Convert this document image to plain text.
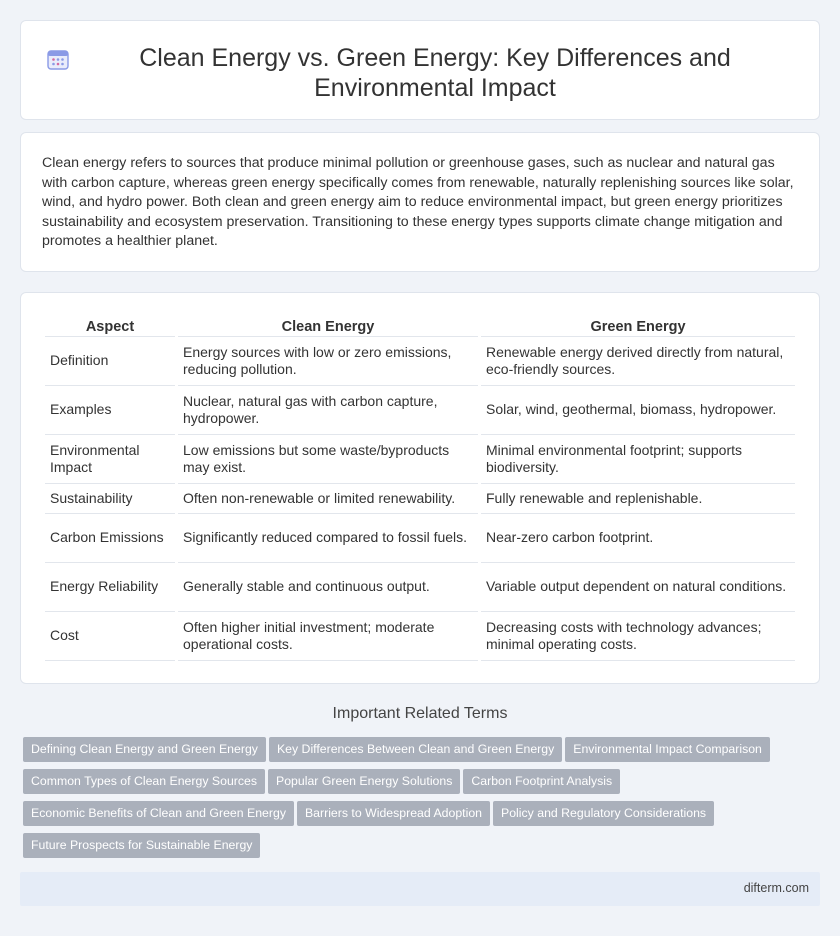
Clean Energy vs. Green Energy: Key Differences and Environmental Impact

Clean energy refers to sources that produce minimal pollution or greenhouse gases, such as nuclear and natural gas with carbon capture, whereas green energy specifically comes from renewable, naturally replenishing sources like solar, wind, and hydro power. Both clean and green energy aim to reduce environmental impact, but green energy prioritizes sustainability and ecosystem preservation. Transitioning to these energy types supports climate change mitigation and promotes a healthier planet.

Aspect	Clean Energy	Green Energy
Definition	Energy sources with low or zero emissions, reducing pollution.	Renewable energy derived directly from natural, eco-friendly sources.
Examples	Nuclear, natural gas with carbon capture, hydropower.	Solar, wind, geothermal, biomass, hydropower.
Environmental Impact	Low emissions but some waste/byproducts may exist.	Minimal environmental footprint; supports biodiversity.
Sustainability	Often non-renewable or limited renewability.	Fully renewable and replenishable.
Carbon Emissions	Significantly reduced compared to fossil fuels.	Near-zero carbon footprint.
Energy Reliability	Generally stable and continuous output.	Variable output dependent on natural conditions.
Cost	Often higher initial investment; moderate operational costs.	Decreasing costs with technology advances; minimal operating costs.
Important Related Terms
Defining Clean Energy and Green Energy Key Differences Between Clean and Green Energy Environmental Impact Comparison
Common Types of Clean Energy Sources Popular Green Energy Solutions Carbon Footprint Analysis
Economic Benefits of Clean and Green Energy Barriers to Widespread Adoption Policy and Regulatory Considerations
Future Prospects for Sustainable Energy
difterm.com
